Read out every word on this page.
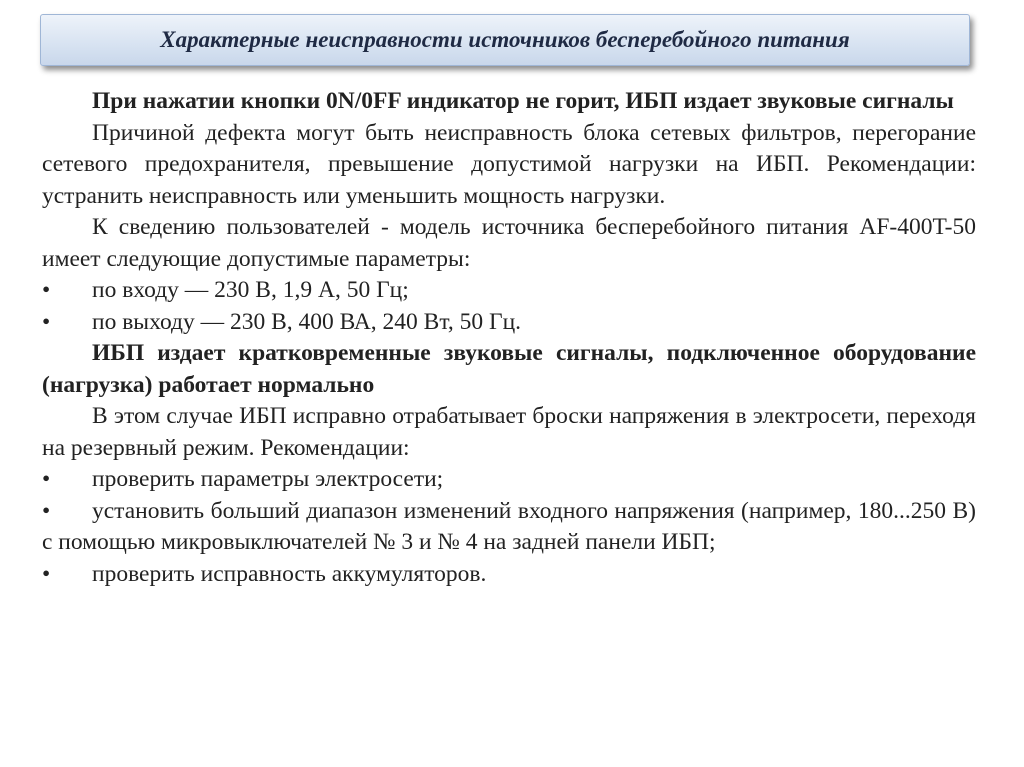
Характерные неисправности источников бесперебойного питания

При нажатии кнопки 0N/0FF индикатор не горит, ИБП издает звуковые сигналы

Причиной дефекта могут быть неисправность блока сетевых фильтров, перегорание сетевого предохранителя, превышение допустимой нагрузки на ИБП. Рекомендации: устранить неисправность или уменьшить мощность нагрузки.

К сведению пользователей - модель источника бесперебойного питания AF-400T-50 имеет следующие допустимые параметры:

•	по входу — 230 В, 1,9 А, 50 Гц;
•	по выходу — 230 В, 400 ВА, 240 Вт, 50 Гц.

ИБП издает кратковременные звуковые сигналы, подключенное оборудование (нагрузка) работает нормально

В этом случае ИБП исправно отрабатывает броски напряжения в электросети, переходя на резервный режим. Рекомендации:

•	проверить параметры электросети;
• установить больший диапазон изменений входного напряжения (например, 180...250 В) с помощью микровыключателей № 3 и № 4 на задней панели ИБП;
•	проверить исправность аккумуляторов.
